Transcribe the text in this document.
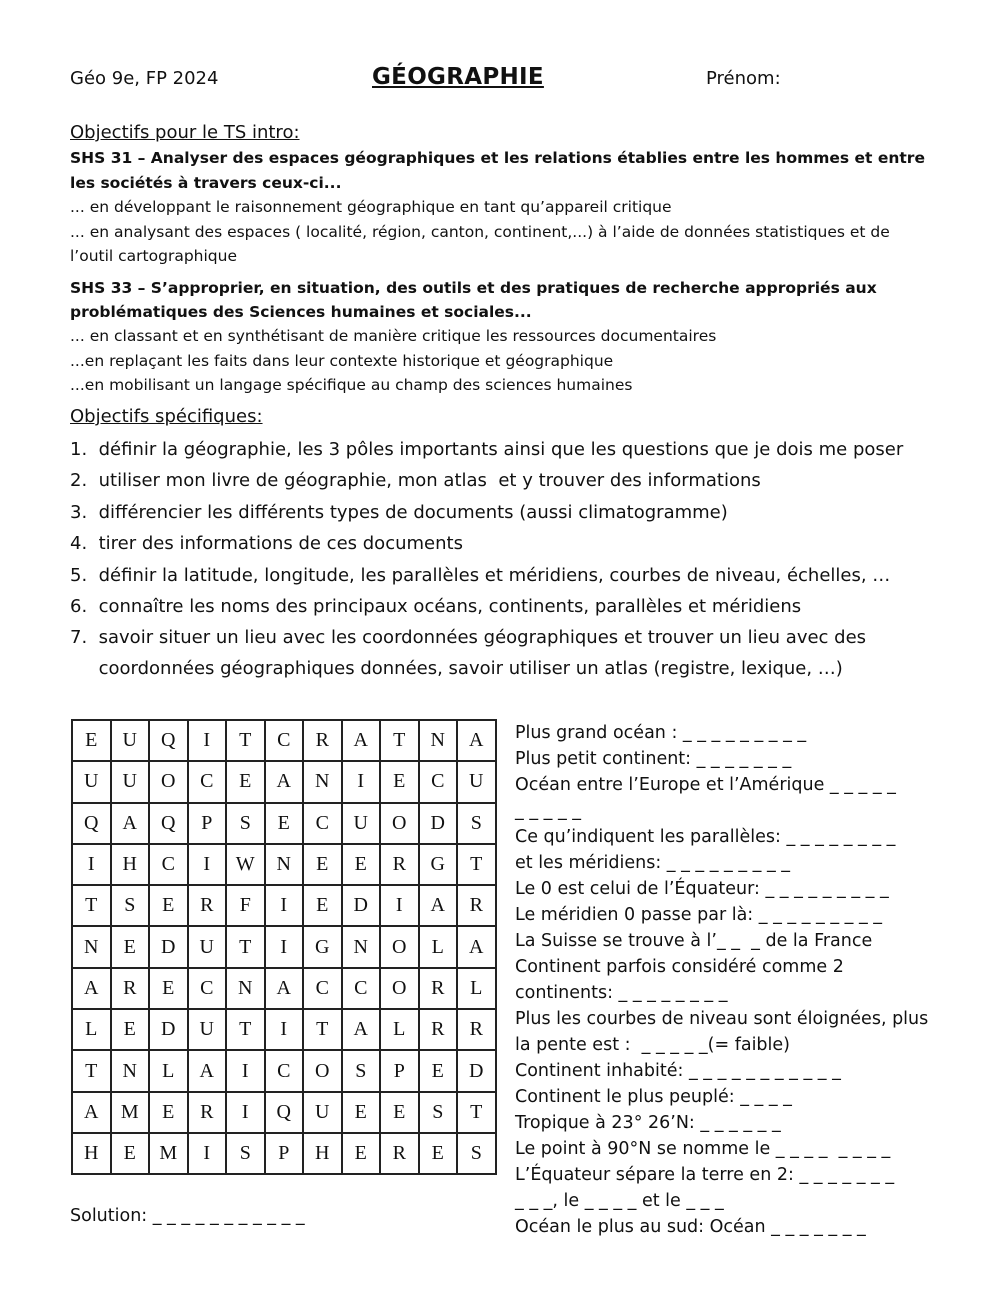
Géo 9e, FP 2024	GÉOGRAPHIE	Prénom:
Objectifs pour le TS intro:
SHS 31 – Analyser des espaces géographiques et les relations établies entre les hommes et entre
les sociétés à travers ceux-ci...
... en développant le raisonnement géographique en tant qu’appareil critique
... en analysant des espaces ( localité, région, canton, continent,...) à l’aide de données statistiques et de
l’outil cartographique
SHS 33 – S’approprier, en situation, des outils et des pratiques de recherche appropriés aux
problématiques des Sciences humaines et sociales...
... en classant et en synthétisant de manière critique les ressources documentaires
...en replaçant les faits dans leur contexte historique et géographique
...en mobilisant un langage spécifique au champ des sciences humaines
Objectifs spécifiques:
1.  définir la géographie, les 3 pôles importants ainsi que les questions que je dois me poser
2.  utiliser mon livre de géographie, mon atlas  et y trouver des informations
3.  différencier les différents types de documents (aussi climatogramme)
4.  tirer des informations de ces documents
5.  définir la latitude, longitude, les parallèles et méridiens, courbes de niveau, échelles, …
6.  connaître les noms des principaux océans, continents, parallèles et méridiens
7.  savoir situer un lieu avec les coordonnées géographiques et trouver un lieu avec des
coordonnées géographiques données, savoir utiliser un atlas (registre, lexique, …)
E	U	Q	I	T	C	R	A	T	N	A
U	U	O	C	E	A	N	I	E	C	U
Q	A	Q	P	S	E	C	U	O	D	S
I	H	C	I	W	N	E	E	R	G	T
T	S	E	R	F	I	E	D	I	A	R
N	E	D	U	T	I	G	N	O	L	A
A	R	E	C	N	A	C	C	O	R	L
L	E	D	U	T	I	T	A	L	R	R
T	N	L	A	I	C	O	S	P	E	D
A	M	E	R	I	Q	U	E	E	S	T
H	E	M	I	S	P	H	E	R	E	S
Solution: _ _ _ _ _ _ _ _ _ _ _
Plus grand océan : _ _ _ _ _ _ _ _ _
Plus petit continent: _ _ _ _ _ _ _
Océan entre l’Europe et l’Amérique _ _ _ _ _
_ _ _ _ _
Ce qu’indiquent les parallèles: _ _ _ _ _ _ _ _
et les méridiens: _ _ _ _ _ _ _ _ _
Le 0 est celui de l’Équateur: _ _ _ _ _ _ _ _ _
Le méridien 0 passe par là: _ _ _ _ _ _ _ _ _
La Suisse se trouve à l’_ _  _ de la France
Continent parfois considéré comme 2
continents: _ _ _ _ _ _ _ _
Plus les courbes de niveau sont éloignées, plus
la pente est :  _ _ _ _ _(= faible)
Continent inhabité: _ _ _ _ _ _ _ _ _ _ _
Continent le plus peuplé: _ _ _ _
Tropique à 23° 26’N: _ _ _ _ _ _
Le point à 90°N se nomme le _ _ _ _  _ _ _ _
L’Équateur sépare la terre en 2: _ _ _ _ _ _ _
_ _ _, le _ _ _ _ et le _ _ _
Océan le plus au sud: Océan _ _ _ _ _ _ _
